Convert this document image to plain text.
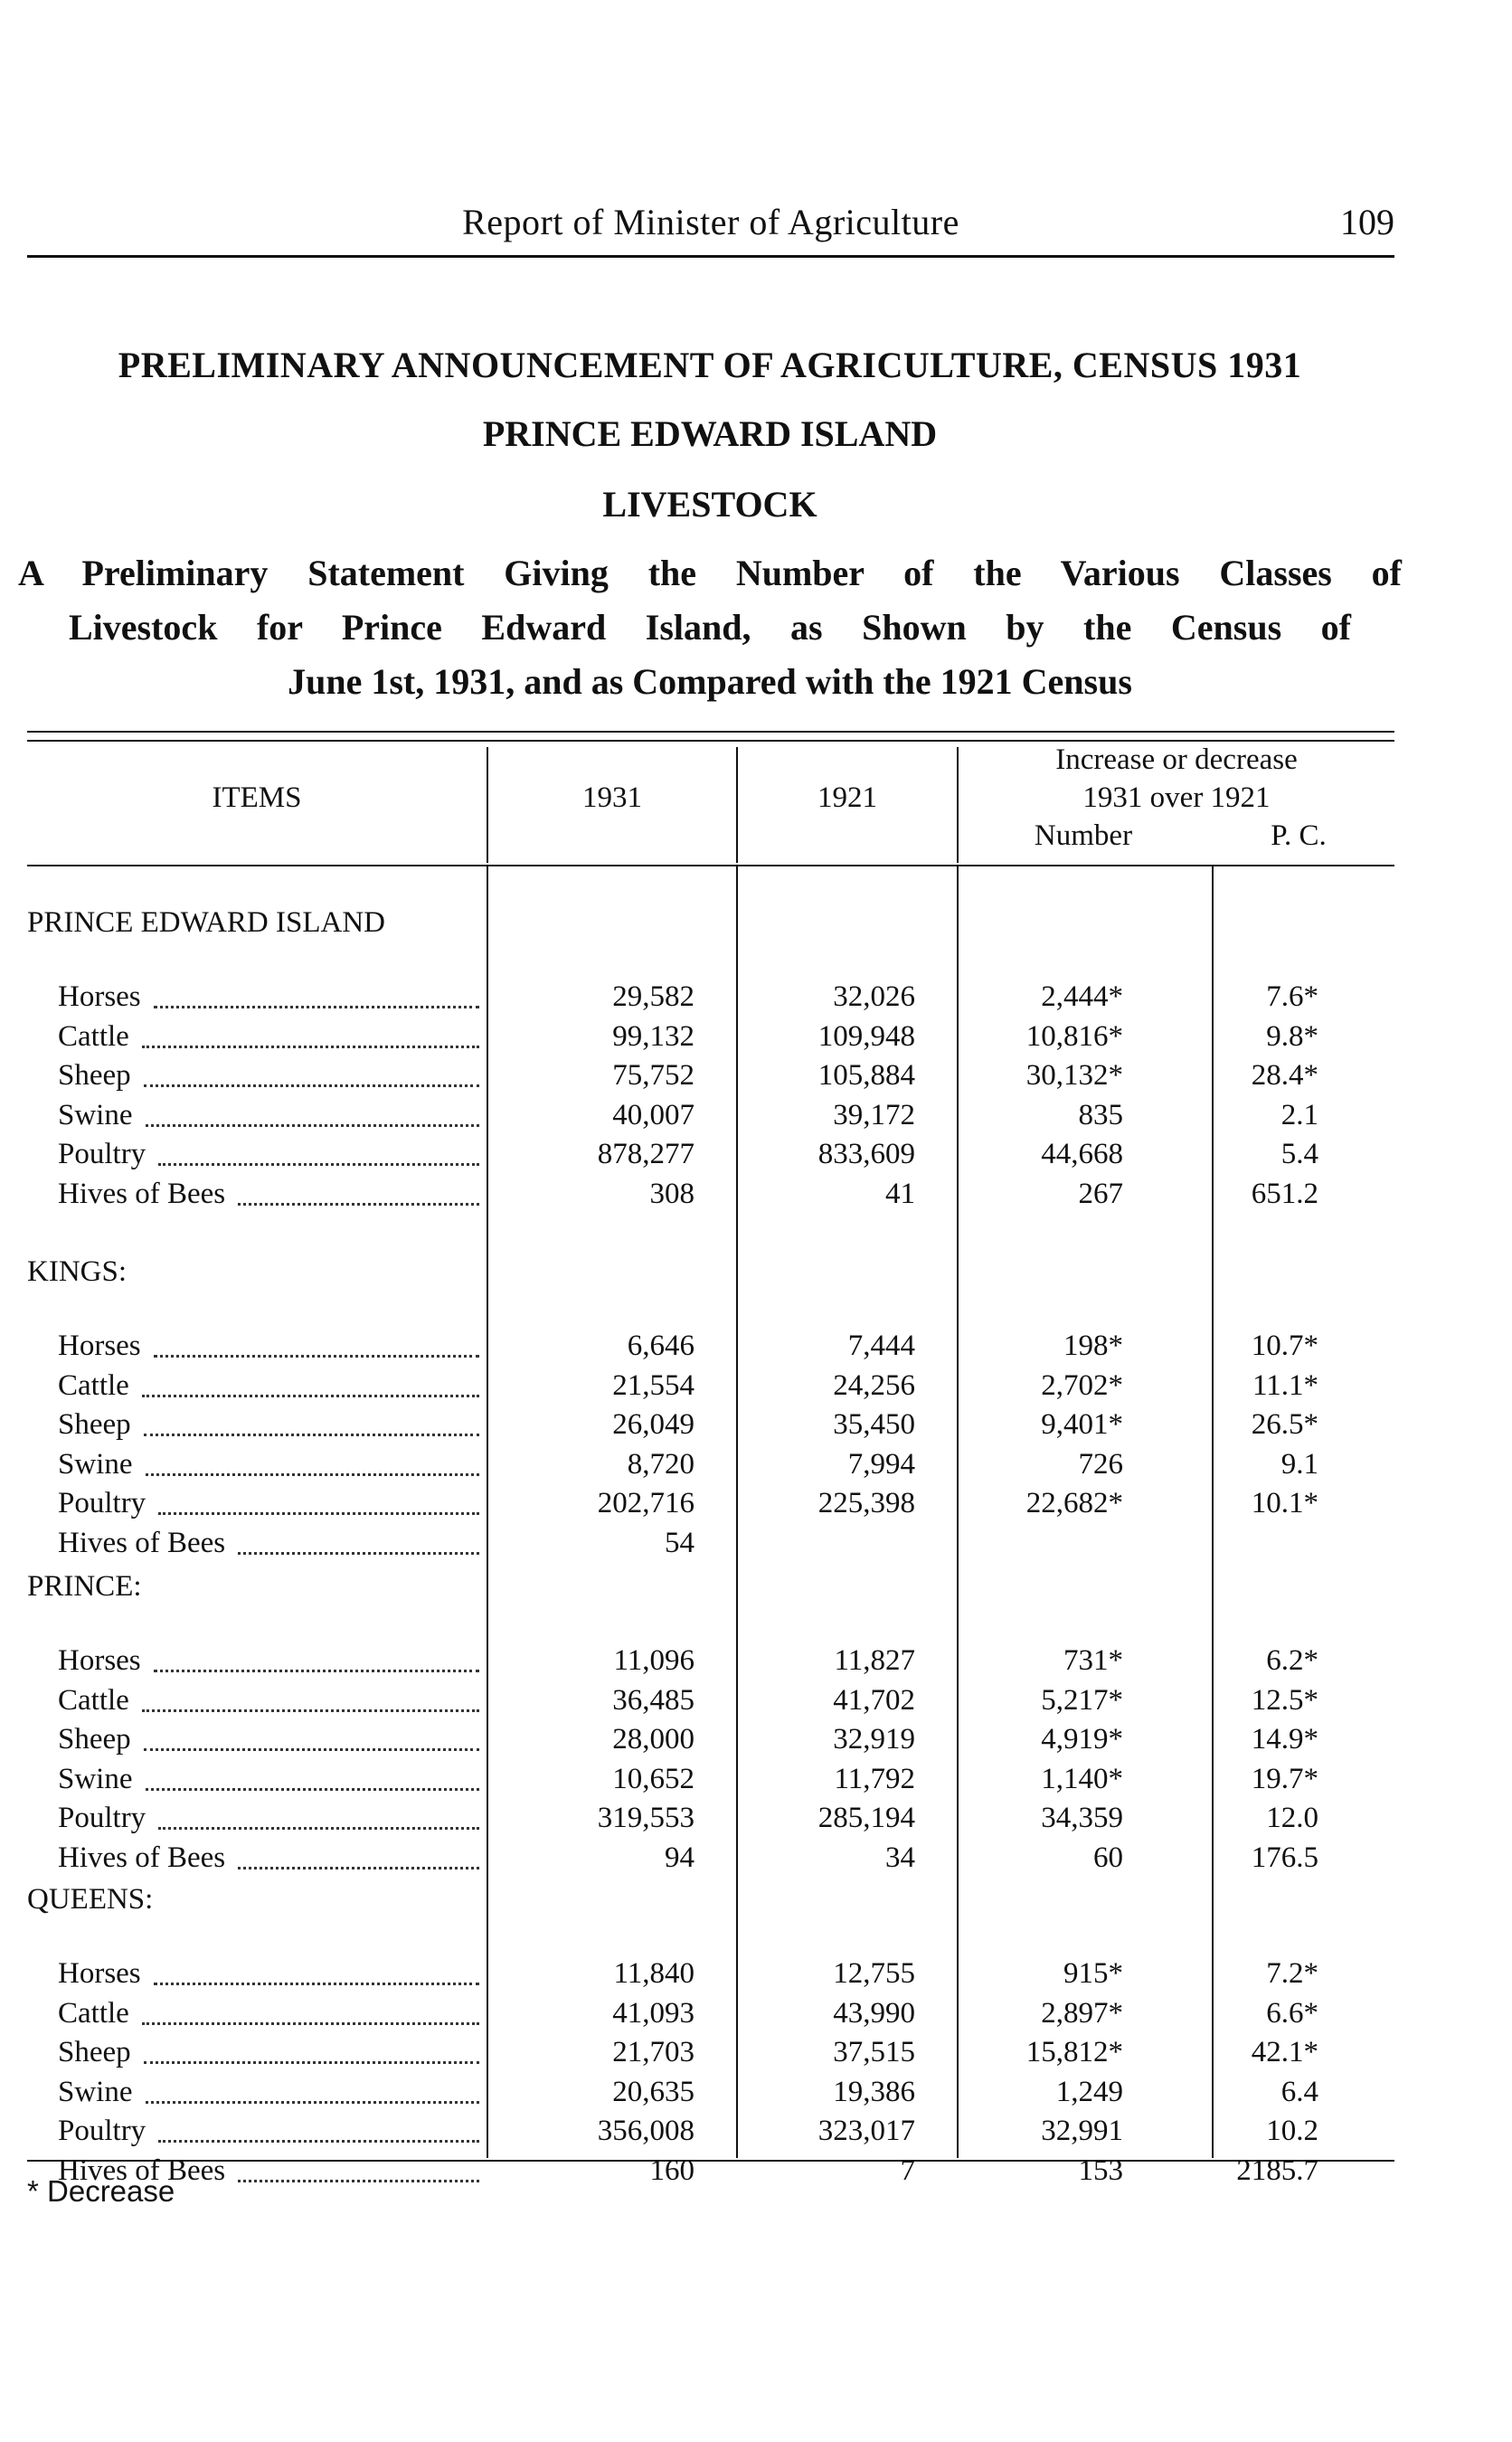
Report of Minister of Agriculture	109
PRELIMINARY ANNOUNCEMENT OF AGRICULTURE, CENSUS 1931
PRINCE EDWARD ISLAND
LIVESTOCK
A Preliminary Statement Giving the Number of the Various Classes of
Livestock for Prince Edward Island, as Shown by the Census of
June 1st, 1931, and as Compared with the 1921 Census
ITEMS	1931	1921
Increase or decrease
1931 over 1921
Number	P. C.
PRINCE EDWARD ISLAND
Horses	29,582	32,026	2,444*	7.6*
Cattle	99,132	109,948	10,816*	9.8*
Sheep	75,752	105,884	30,132*	28.4*
Swine	40,007	39,172	835	2.1
Poultry	878,277	833,609	44,668	5.4
Hives of Bees	308	41	267	651.2
KINGS:
Horses	6,646	7,444	198*	10.7*
Cattle	21,554	24,256	2,702*	11.1*
Sheep	26,049	35,450	9,401*	26.5*
Swine	8,720	7,994	726	9.1
Poultry	202,716	225,398	22,682*	10.1*
Hives of Bees	54
PRINCE:
Horses	11,096	11,827	731*	6.2*
Cattle	36,485	41,702	5,217*	12.5*
Sheep	28,000	32,919	4,919*	14.9*
Swine	10,652	11,792	1,140*	19.7*
Poultry	319,553	285,194	34,359	12.0
Hives of Bees	94	34	60	176.5
QUEENS:
Horses	11,840	12,755	915*	7.2*
Cattle	41,093	43,990	2,897*	6.6*
Sheep	21,703	37,515	15,812*	42.1*
Swine	20,635	19,386	1,249	6.4
Poultry	356,008	323,017	32,991	10.2
Hives of Bees	160	7	153	2185.7
* Decrease
